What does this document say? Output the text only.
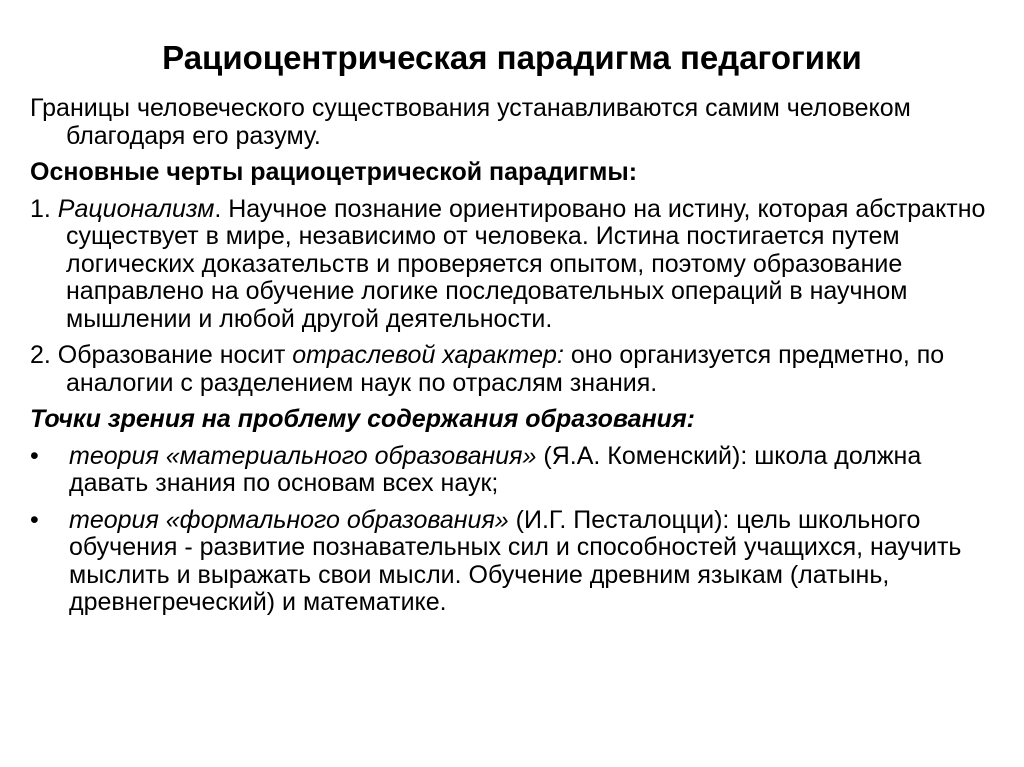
Рациоцентрическая парадигма педагогики

Границы человеческого существования устанавливаются самим человеком благодаря его разуму.

Основные черты рациоцетрической парадигмы:

1. Рационализм. Научное познание ориентировано на истину, которая абстрактно существует в мире, независимо от человека. Истина постигается путем логических доказательств и проверяется опытом, поэтому образование направлено на обучение логике последовательных операций в научном мышлении и любой другой деятельности.

2. Образование носит отраслевой характер: оно организуется предметно, по аналогии с разделением наук по отраслям знания.

Точки зрения на проблему содержания образования:

• теория «материального образования» (Я.А. Коменский): школа должна давать знания по основам всех наук;
• теория «формального образования» (И.Г. Песталоцци): цель школьного обучения - развитие познавательных сил и способностей учащихся, научить мыслить и выражать свои мысли. Обучение древним языкам (латынь, древнегреческий) и математике.
